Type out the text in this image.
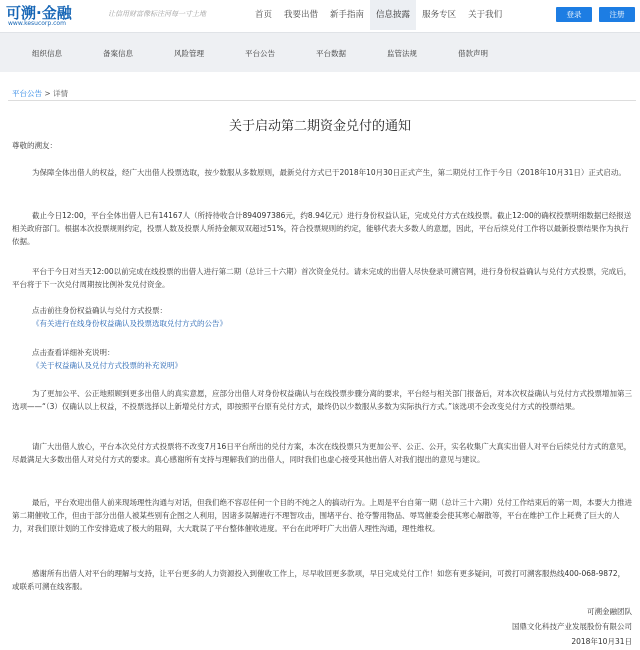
可溯·金融
www.kesucorp.com
让信用财富像标注河每一寸土地	首页	我要出借	新手指南	信息披露	服务专区	关于我们	登录	注册
组织信息	备案信息	风险管理	平台公告	平台数据	监管法规	借款声明
平台公告 > 详情
关于启动第二期资金兑付的通知
尊敬的溯友：
为保障全体出借人的权益，经广大出借人投票选取，按少数服从多数原则，最新兑付方式已于2018年10月30日正式产生，第二期兑付工作于今日（2018年10月31日）正式启动。
截止今日12:00，平台全体出借人已有14167人（所持待收合计894097386元，约8.94亿元）进行身份权益认证，完成兑付方式在线投票。截止12:00的确权投票明细数据已经报送相关政府部门。根据本次投票规则约定，投票人数及投票人所持金额双双超过51%，符合投票规则的约定，能够代表大多数人的意愿，因此，平台后续兑付工作将以最新投票结果作为执行依据。
平台于今日对当天12:00以前完成在线投票的出借人进行第二期（总计三十六期）首次资金兑付。请未完成的出借人尽快登录可溯官网，进行身份权益确认与兑付方式投票，完成后，平台将于下一次兑付周期按比例补发兑付资金。
点击前往身份权益确认与兑付方式投票：
《有关进行在线身份权益确认及投票选取兑付方式的公告》
点击查看详细补充说明：
《关于权益确认及兑付方式投票的补充说明》
为了更加公平、公正地照顾到更多出借人的真实意愿，应部分出借人对身份权益确认与在线投票步骤分离的要求，平台经与相关部门报备后，对本次权益确认与兑付方式投票增加第三选项——“（3）仅确认以上权益，不投票选择以上新增兑付方式，即按照平台原有兑付方式，最终仍以少数服从多数为实际执行方式。”该选项不会改变兑付方式的投票结果。
请广大出借人放心，平台本次兑付方式投票将不改变7月16日平台所出的兑付方案，本次在线投票只为更加公平、公正、公开，实名收集广大真实出借人对平台后续兑付方式的意见，尽最满足大多数出借人对兑付方式的要求。真心感谢所有支持与理解我们的出借人，同时我们也虚心接受其他出借人对我们提出的意见与建议。
最后，平台欢迎出借人前来现场理性沟通与对话，但我们绝不容忍任何一个目的不纯之人的搞动行为。上周是平台自第一期（总计三十六期）兑付工作结束后的第一周，本要大力推进第二期催收工作，但由于部分出借人被某些别有企图之人利用，因诸多误解进行不理智攻击，围堵平台、抢夺警用物品、辱骂催委会使其寒心解散等，平台在维护工作上耗费了巨大的人力，对我们原计划的工作安排造成了极大的阻碍，大大耽误了平台整体催收进度。平台在此呼吁广大出借人理性沟通，理性维权。
感谢所有出借人对平台的理解与支持，让平台更多的人力资源投入到催收工作上，尽早收回更多款项，早日完成兑付工作！如您有更多疑问，可拨打可溯客服热线400-068-9872，或联系可溯在线客服。
可溯金融团队
国鼎文化科技产业发展股份有限公司
2018年10月31日
